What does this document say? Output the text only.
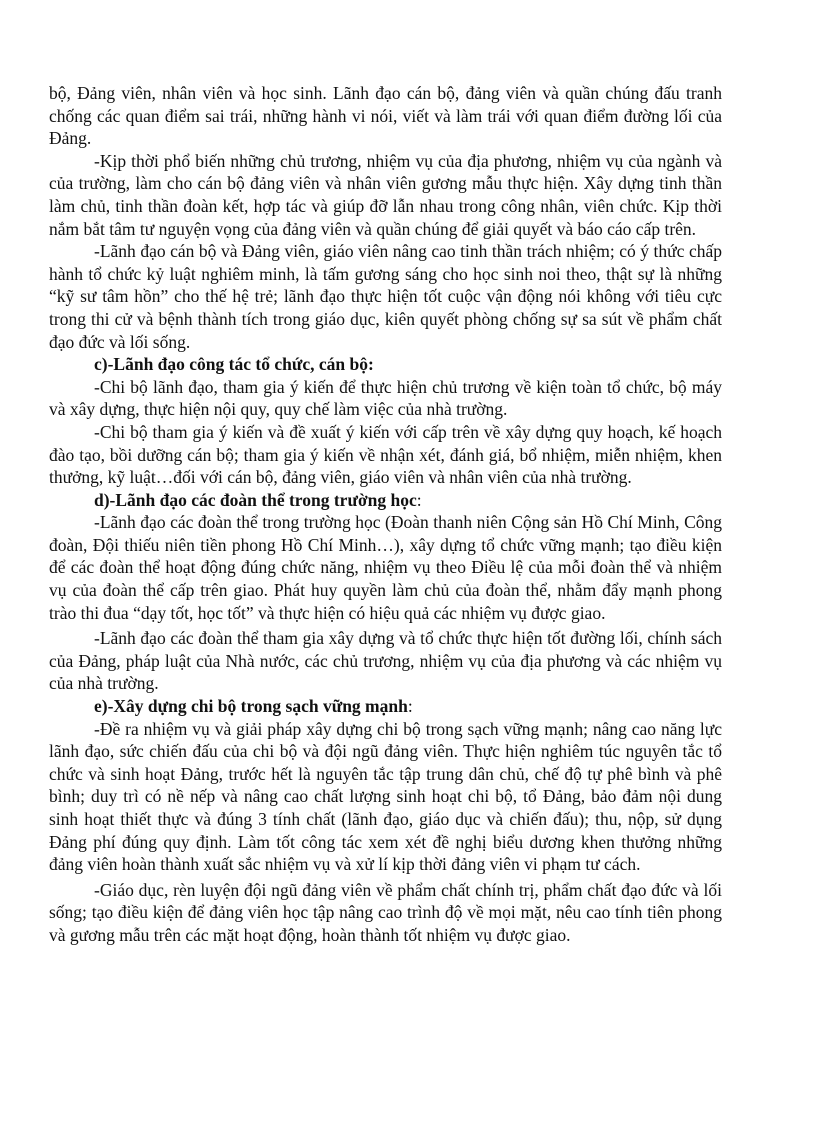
bộ, Đảng viên, nhân viên và học sinh. Lãnh đạo cán bộ, đảng viên và quần chúng đấu tranh chống các quan điểm sai trái, những hành vi nói, viết và làm trái với quan điểm đường lối của Đảng.

-Kịp thời phổ biến những chủ trương, nhiệm vụ của địa phương, nhiệm vụ của ngành và của trường, làm cho cán bộ đảng viên và nhân viên gương mẫu thực hiện. Xây dựng tinh thần làm chủ, tinh thần đoàn kết, hợp tác và giúp đỡ lẫn nhau trong công nhân, viên chức. Kịp thời nắm bắt tâm tư nguyện vọng của đảng viên và quần chúng để giải quyết và báo cáo cấp trên.

-Lãnh đạo cán bộ và Đảng viên, giáo viên nâng cao tinh thần trách nhiệm; có ý thức chấp hành tổ chức kỷ luật nghiêm minh, là tấm gương sáng cho học sinh noi theo, thật sự là những “kỹ sư tâm hồn” cho thế hệ trẻ; lãnh đạo thực hiện tốt cuộc vận động nói không với tiêu cực trong thi cử và bệnh thành tích trong giáo dục, kiên quyết phòng chống sự sa sút về phẩm chất đạo đức và lối sống.

c)-Lãnh đạo công tác tổ chức, cán bộ:

-Chi bộ lãnh đạo, tham gia ý kiến để thực hiện chủ trương về kiện toàn tổ chức, bộ máy và xây dựng, thực hiện nội quy, quy chế làm việc của nhà trường.

-Chi bộ tham gia ý kiến và đề xuất ý kiến với cấp trên về xây dựng quy hoạch, kế hoạch đào tạo, bồi dưỡng cán bộ; tham gia ý kiến về nhận xét, đánh giá, bổ nhiệm, miễn nhiệm, khen thưởng, kỹ luật…đối với cán bộ, đảng viên, giáo viên và nhân viên của nhà trường.

d)-Lãnh đạo các đoàn thể trong trường học:

-Lãnh đạo các đoàn thể trong trường học (Đoàn thanh niên Cộng sản Hồ Chí Minh, Công đoàn, Đội thiếu niên tiền phong Hồ Chí Minh…), xây dựng tổ chức vững mạnh; tạo điều kiện để các đoàn thể hoạt động đúng chức năng, nhiệm vụ theo Điều lệ của mỗi đoàn thể và nhiệm vụ của đoàn thể cấp trên giao. Phát huy quyền làm chủ của đoàn thể, nhằm đẩy mạnh phong trào thi đua “dạy tốt, học tốt” và thực hiện có hiệu quả các nhiệm vụ được giao.

-Lãnh đạo các đoàn thể tham gia xây dựng và tổ chức thực hiện tốt đường lối, chính sách của Đảng, pháp luật của Nhà nước, các chủ trương, nhiệm vụ của địa phương và các nhiệm vụ của nhà trường.

e)-Xây dựng chi bộ trong sạch vững mạnh:

-Đề ra nhiệm vụ và giải pháp xây dựng chi bộ trong sạch vững mạnh; nâng cao năng lực lãnh đạo, sức chiến đấu của chi bộ và đội ngũ đảng viên. Thực hiện nghiêm túc nguyên tắc tổ chức và sinh hoạt Đảng, trước hết là nguyên tắc tập trung dân chủ, chế độ tự phê bình và phê bình; duy trì có nề nếp và nâng cao chất lượng sinh hoạt chi bộ, tổ Đảng, bảo đảm nội dung sinh hoạt thiết thực và đúng 3 tính chất (lãnh đạo, giáo dục và chiến đấu); thu, nộp, sử dụng Đảng phí đúng quy định. Làm tốt công tác xem xét đề nghị biểu dương khen thưởng những đảng viên hoàn thành xuất sắc nhiệm vụ và xử lí kịp thời đảng viên vi phạm tư cách.

-Giáo dục, rèn luyện đội ngũ đảng viên về phẩm chất chính trị, phẩm chất đạo đức và lối sống; tạo điều kiện để đảng viên học tập nâng cao trình độ về mọi mặt, nêu cao tính tiên phong và gương mẫu trên các mặt hoạt động, hoàn thành tốt nhiệm vụ được giao.
